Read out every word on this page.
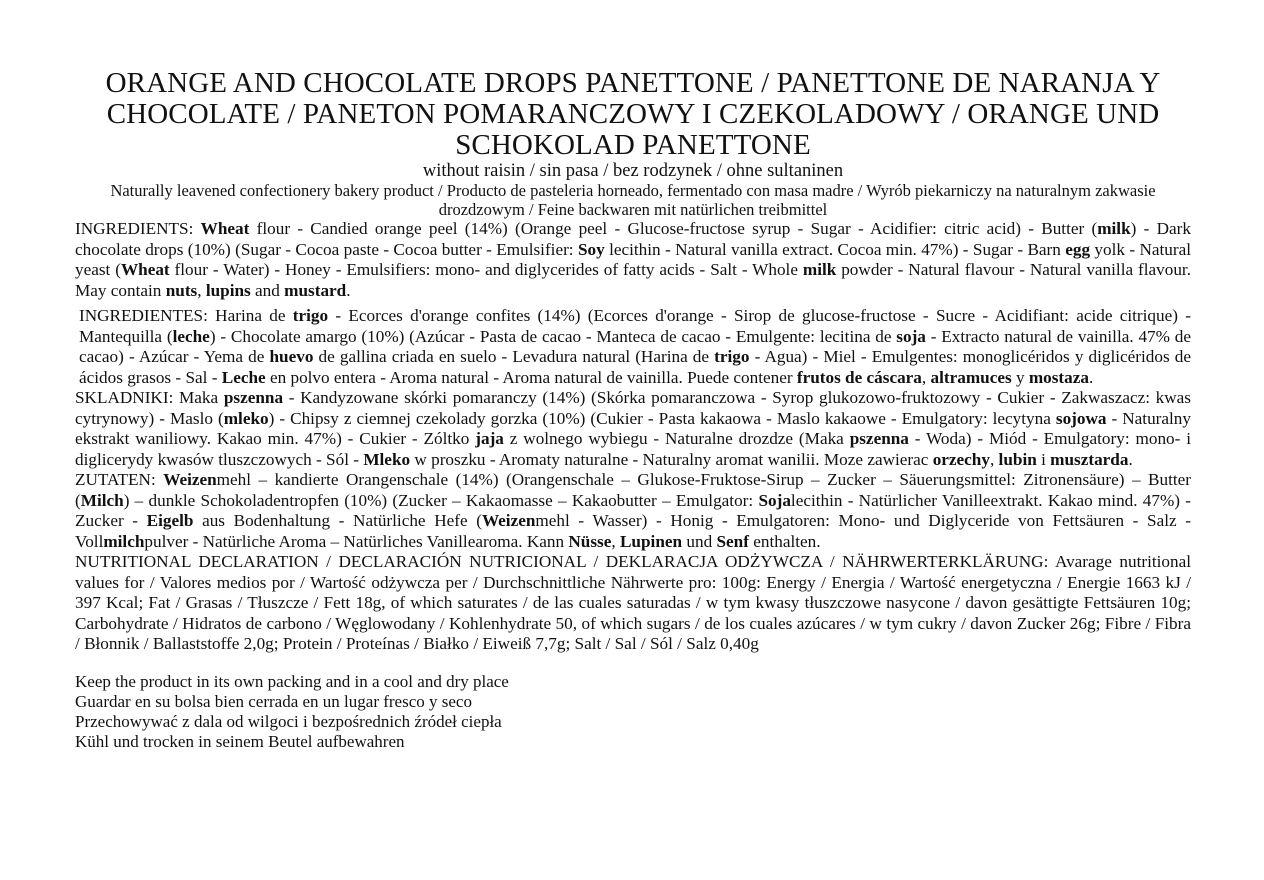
ORANGE AND CHOCOLATE DROPS PANETTONE / PANETTONE DE NARANJA Y CHOCOLATE / PANETON POMARANCZOWY I CZEKOLADOWY / ORANGE UND SCHOKOLAD PANETTONE

without raisin / sin pasa / bez rodzynek / ohne sultaninen

Naturally leavened confectionery bakery product / Producto de pasteleria horneado, fermentado con masa madre / Wyrób piekarniczy na naturalnym zakwasie drozdzowym / Feine backwaren mit natürlichen treibmittel

INGREDIENTS: Wheat flour - Candied orange peel (14%) (Orange peel - Glucose-fructose syrup - Sugar - Acidifier: citric acid) - Butter (milk) - Dark chocolate drops (10%) (Sugar - Cocoa paste - Cocoa butter - Emulsifier: Soy lecithin - Natural vanilla extract. Cocoa min. 47%) - Sugar - Barn egg yolk - Natural yeast (Wheat flour - Water) - Honey - Emulsifiers: mono- and diglycerides of fatty acids - Salt - Whole milk powder - Natural flavour - Natural vanilla flavour. May contain nuts, lupins and mustard.

INGREDIENTES: Harina de trigo - Ecorces d'orange confites (14%) (Ecorces d'orange - Sirop de glucose-fructose - Sucre - Acidifiant: acide citrique) - Mantequilla (leche) - Chocolate amargo (10%) (Azúcar - Pasta de cacao - Manteca de cacao - Emulgente: lecitina de soja - Extracto natural de vainilla. 47% de cacao) - Azúcar - Yema de huevo de gallina criada en suelo - Levadura natural (Harina de trigo - Agua) - Miel - Emulgentes: monoglicéridos y diglicéridos de ácidos grasos - Sal - Leche en polvo entera - Aroma natural - Aroma natural de vainilla. Puede contener frutos de cáscara, altramuces y mostaza.

SKLADNIKI: Maka pszenna - Kandyzowane skórki pomaranczy (14%) (Skórka pomaranczowa - Syrop glukozowo-fruktozowy - Cukier - Zakwaszacz: kwas cytrynowy) - Maslo (mleko) - Chipsy z ciemnej czekolady gorzka (10%) (Cukier - Pasta kakaowa - Maslo kakaowe - Emulgatory: lecytyna sojowa - Naturalny ekstrakt waniliowy. Kakao min. 47%) - Cukier - Zóltko jaja z wolnego wybiegu - Naturalne drozdze (Maka pszenna - Woda) - Miód - Emulgatory: mono- i diglicerydy kwasów tluszczowych - Sól - Mleko w proszku - Aromaty naturalne - Naturalny aromat wanilii. Moze zawierac orzechy, lubin i musztarda.

ZUTATEN: Weizenmehl – kandierte Orangenschale (14%) (Orangenschale – Glukose-Fruktose-Sirup – Zucker – Säuerungsmittel: Zitronensäure) – Butter (Milch) – dunkle Schokoladentropfen (10%) (Zucker – Kakaomasse – Kakaobutter – Emulgator: Sojalecithin - Natürlicher Vanilleextrakt. Kakao mind. 47%) - Zucker - Eigelb aus Bodenhaltung - Natürliche Hefe (Weizenmehl - Wasser) - Honig - Emulgatoren: Mono- und Diglyceride von Fettsäuren - Salz - Vollmilchpulver - Natürliche Aroma – Natürliches Vanillearoma. Kann Nüsse, Lupinen und Senf enthalten.

NUTRITIONAL DECLARATION / DECLARACIÓN NUTRICIONAL / DEKLARACJA ODŻYWCZA / NÄHRWERTERKLÄRUNG: Avarage nutritional values for / Valores medios por / Wartość odżywcza per / Durchschnittliche Nährwerte pro: 100g: Energy / Energia / Wartość energetyczna / Energie 1663 kJ / 397 Kcal; Fat / Grasas / Tłuszcze / Fett 18g, of which saturates / de las cuales saturadas / w tym kwasy tłuszczowe nasycone / davon gesättigte Fettsäuren 10g; Carbohydrate / Hidratos de carbono / Węglowodany / Kohlenhydrate 50, of which sugars / de los cuales azúcares / w tym cukry / davon Zucker 26g; Fibre / Fibra / Błonnik / Ballaststoffe 2,0g; Protein / Proteínas / Białko / Eiweiß 7,7g; Salt / Sal / Sól / Salz 0,40g

Keep the product in its own packing and in a cool and dry place
Guardar en su bolsa bien cerrada en un lugar fresco y seco
Przechowywać z dala od wilgoci i bezpośrednich źródeł ciepła
Kühl und trocken in seinem Beutel aufbewahren
